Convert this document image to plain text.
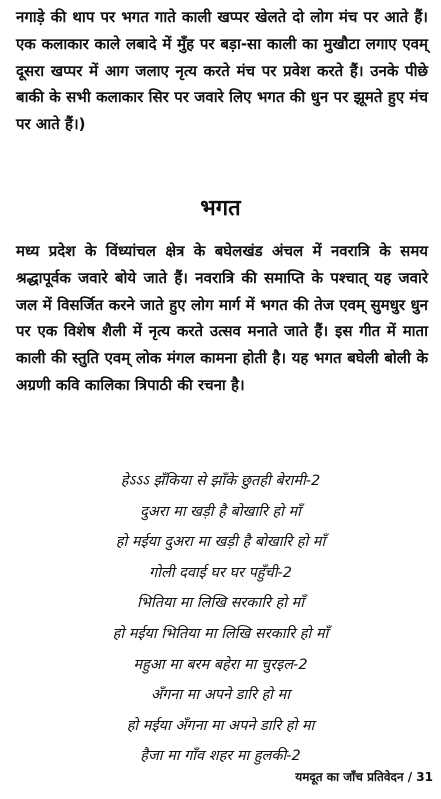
नगाड़े की थाप पर भगत गाते काली खप्पर खेलते दो लोग मंच पर आते हैं। एक कलाकार काले लबादे में मुँह पर बड़ा-सा काली का मुखौटा लगाए एवम् दूसरा खप्पर में आग जलाए नृत्य करते मंच पर प्रवेश करते हैं। उनके पीछे बाकी के सभी कलाकार सिर पर जवारे लिए भगत की धुन पर झूमते हुए मंच पर आते हैं।)

भगत

मध्य प्रदेश के विंध्यांचल क्षेत्र के बघेलखंड अंचल में नवरात्रि के समय श्रद्धापूर्वक जवारे बोये जाते हैं। नवरात्रि की समाप्ति के पश्चात् यह जवारे जल में विसर्जित करने जाते हुए लोग मार्ग में भगत की तेज एवम् सुमधुर धुन पर एक विशेष शैली में नृत्य करते उत्सव मनाते जाते हैं। इस गीत में माता काली की स्तुति एवम् लोक मंगल कामना होती है। यह भगत बघेली बोली के अग्रणी कवि कालिका त्रिपाठी की रचना है।

हेऽऽऽ झँकिया से झाँके छुतही बेरामी-2
दुअरा मा खड़ी है बोखारि हो माँ
हो मईया दुअरा मा खड़ी है बोखारि हो माँ
गोली दवाई घर घर पहुँची-2
भितिया मा लिखि सरकारि हो माँ
हो मईया भितिया मा लिखि सरकारि हो माँ
महुआ मा बरम बहेरा मा चुरइल-2
अँगना मा अपने डारि हो मा
हो मईया अँगना मा अपने डारि हो मा
हैजा मा गाँव शहर मा हुलकी-2
यमदूत का जाँच प्रतिवेदन / 31
